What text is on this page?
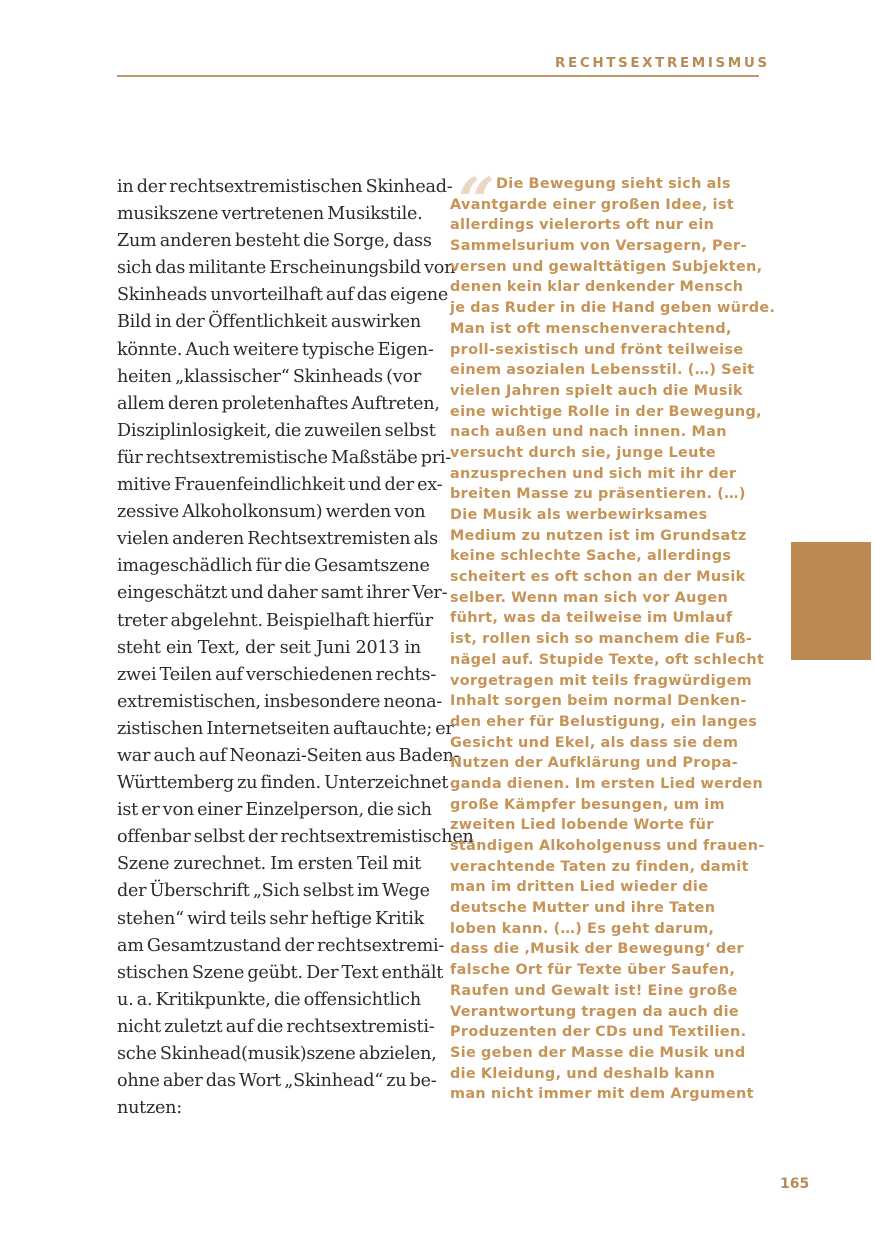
RECHTSEXTREMISMUS
in der rechtsextremistischen Skinhead-
musikszene vertretenen Musikstile.
Zum anderen besteht die Sorge, dass
sich das militante Erscheinungsbild von
Skinheads unvorteilhaft auf das eigene
Bild in der Öffentlichkeit auswirken
könnte. Auch weitere typische Eigen-
heiten „klassischer“ Skinheads (vor
allem deren proletenhaftes Auftreten,
Disziplinlosigkeit, die zuweilen selbst
für rechtsextremistische Maßstäbe pri-
mitive Frauenfeindlichkeit und der ex-
zessive Alkoholkonsum) werden von
vielen anderen Rechtsextremisten als
imageschädlich für die Gesamtszene
eingeschätzt und daher samt ihrer Ver-
treter abgelehnt. Beispielhaft hierfür
steht ein Text, der seit Juni 2013 in
zwei Teilen auf verschiedenen rechts-
extremistischen, insbesondere neona-
zistischen Internetseiten auftauchte; er
war auch auf Neonazi-Seiten aus Baden-
Württemberg zu finden. Unterzeichnet
ist er von einer Einzelperson, die sich
offenbar selbst der rechtsextremistischen
Szene zurechnet. Im ersten Teil mit
der Überschrift „Sich selbst im Wege
stehen“ wird teils sehr heftige Kritik
am Gesamtzustand der rechtsextremi-
stischen Szene geübt. Der Text enthält
u. a. Kritikpunkte, die offensichtlich
nicht zuletzt auf die rechtsextremisti-
sche Skinhead(musik)szene abzielen,
ohne aber das Wort „Skinhead“ zu be-
nutzen:
“ Die Bewegung sieht sich als
Avantgarde einer großen Idee, ist
allerdings vielerorts oft nur ein
Sammelsurium von Versagern, Per-
versen und gewalttätigen Subjekten,
denen kein klar denkender Mensch
je das Ruder in die Hand geben würde.
Man ist oft menschenverachtend,
proll-sexistisch und frönt teilweise
einem asozialen Lebensstil. (…) Seit
vielen Jahren spielt auch die Musik
eine wichtige Rolle in der Bewegung,
nach außen und nach innen. Man
versucht durch sie, junge Leute
anzusprechen und sich mit ihr der
breiten Masse zu präsentieren. (…)
Die Musik als werbewirksames
Medium zu nutzen ist im Grundsatz
keine schlechte Sache, allerdings
scheitert es oft schon an der Musik
selber. Wenn man sich vor Augen
führt, was da teilweise im Umlauf
ist, rollen sich so manchem die Fuß-
nägel auf. Stupide Texte, oft schlecht
vorgetragen mit teils fragwürdigem
Inhalt sorgen beim normal Denken-
den eher für Belustigung, ein langes
Gesicht und Ekel, als dass sie dem
Nutzen der Aufklärung und Propa-
ganda dienen. Im ersten Lied werden
große Kämpfer besungen, um im
zweiten Lied lobende Worte für
ständigen Alkoholgenuss und frauen-
verachtende Taten zu finden, damit
man im dritten Lied wieder die
deutsche Mutter und ihre Taten
loben kann. (…) Es geht darum,
dass die ‚Musik der Bewegung‘ der
falsche Ort für Texte über Saufen,
Raufen und Gewalt ist! Eine große
Verantwortung tragen da auch die
Produzenten der CDs und Textilien.
Sie geben der Masse die Musik und
die Kleidung, und deshalb kann
man nicht immer mit dem Argument
165
